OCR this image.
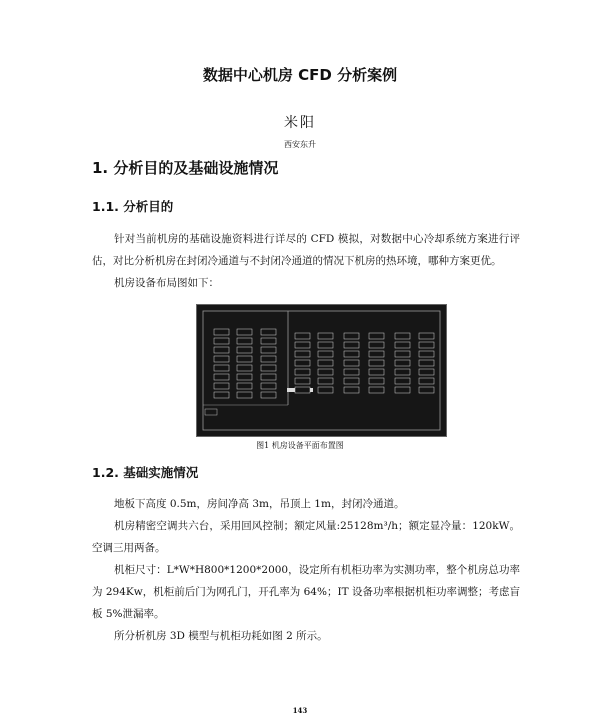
数据中心机房 CFD 分析案例
米阳
西安东升
1. 分析目的及基础设施情况
1.1. 分析目的

针对当前机房的基础设施资料进行详尽的 CFD 模拟，对数据中心冷却系统方案进行评估，对比分析机房在封闭冷通道与不封闭冷通道的情况下机房的热环境，哪种方案更优。

机房设备布局图如下：

图1 机房设备平面布置图
1.2. 基础实施情况

地板下高度 0.5m，房间净高 3m，吊顶上 1m，封闭冷通道。

机房精密空调共六台，采用回风控制；额定风量:25128m³/h；额定显冷量：120kW。空调三用两备。

机柜尺寸：L*W*H800*1200*2000，设定所有机柜功率为实测功率，整个机房总功率为 294Kw，机柜前后门为网孔门，开孔率为 64%；IT 设备功率根据机柜功率调整；考虑盲板 5%泄漏率。

所分析机房 3D 模型与机柜功耗如图 2 所示。

143
